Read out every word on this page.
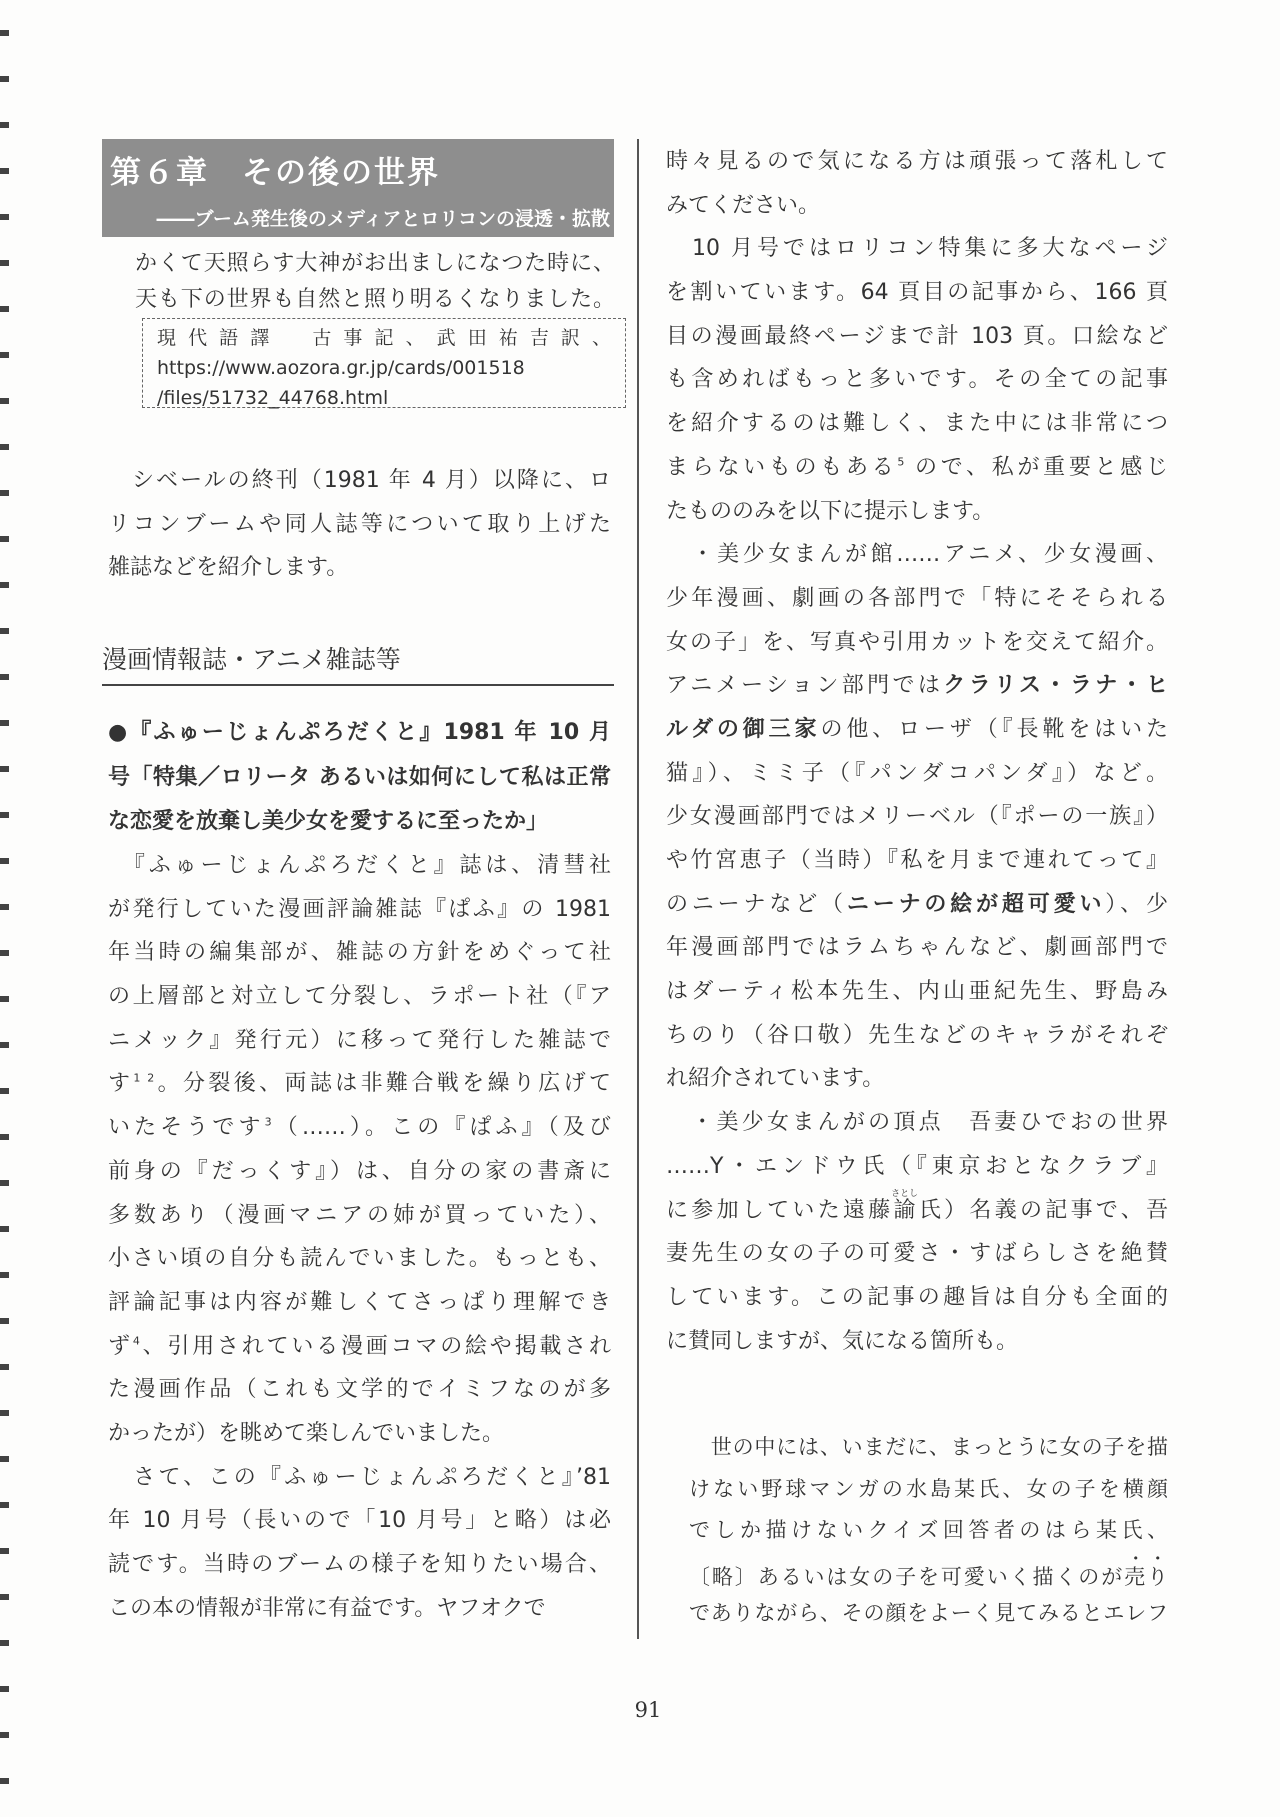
第６章　その後の世界
――ブーム発生後のメディアとロリコンの浸透・拡散
かくて天照らす大神がお出ましになつた時に、
天も下の世界も自然と照り明るくなりました。
現代語譯　古事記、武田祐吉訳、
https://www.aozora.gr.jp/cards/001518
/files/51732_44768.html
　シベールの終刊（1981 年 4 月）以降に、ロ
リコンブームや同人誌等について取り上げた
雑誌などを紹介します。
漫画情報誌・アニメ雑誌等
●『ふゅーじょんぷろだくと』1981 年 10 月
号「特集／ロリータ あるいは如何にして私は正常
な恋愛を放棄し美少女を愛するに至ったか」
　『ふゅーじょんぷろだくと』誌は、清彗社
が発行していた漫画評論雑誌『ぱふ』の 1981
年当時の編集部が、雑誌の方針をめぐって社
の上層部と対立して分裂し、ラポート社（『ア
ニメック』発行元）に移って発行した雑誌で
す$^{1 2}$。分裂後、両誌は非難合戦を繰り広げて
いたそうです$^3$（……）。この『ぱふ』（及び
前身の『だっくす』）は、自分の家の書斎に
多数あり（漫画マニアの姉が買っていた）、
小さい頃の自分も読んでいました。もっとも、
評論記事は内容が難しくてさっぱり理解でき
ず$^4$、引用されている漫画コマの絵や掲載され
た漫画作品（これも文学的でイミフなのが多
かったが）を眺めて楽しんでいました。
　さて、この『ふゅーじょんぷろだくと』’81
年 10 月号（長いので「10 月号」と略）は必
読です。当時のブームの様子を知りたい場合、
この本の情報が非常に有益です。ヤフオクで　
時々見るので気になる方は頑張って落札して
みてください。
　10 月号ではロリコン特集に多大なページ
を割いています。64 頁目の記事から、166 頁
目の漫画最終ページまで計 103 頁。口絵など
も含めればもっと多いです。その全ての記事
を紹介するのは難しく、また中には非常につ
まらないものもある$^5$ ので、私が重要と感じ
たもののみを以下に提示します。
　・美少女まんが館……アニメ、少女漫画、
少年漫画、劇画の各部門で「特にそそられる
女の子」を、写真や引用カットを交えて紹介。
アニメーション部門ではクラリス・ラナ・ヒ
ルダの御三家の他、ローザ（『長靴をはいた
猫』）、ミミ子（『パンダコパンダ』）など。
少女漫画部門ではメリーベル（『ポーの一族』）
や竹宮恵子（当時）『私を月まで連れてって』
のニーナなど（ニーナの絵が超可愛い）、少
年漫画部門ではラムちゃんなど、劇画部門で
はダーティ松本先生、内山亜紀先生、野島み
ちのり（谷口敬）先生などのキャラがそれぞ
れ紹介されています。
　・美少女まんがの頂点　吾妻ひでおの世界
……Y・エンドウ氏（『東京おとなクラブ』
に参加していた遠藤諭さとし氏）名義の記事で、吾
妻先生の女の子の可愛さ・すばらしさを絶賛
しています。この記事の趣旨は自分も全面的
に賛同しますが、気になる箇所も。
　世の中には、いまだに、まっとうに女の子を描
けない野球マンガの水島某氏、女の子を横顔
でしか描けないクイズ回答者のはら某氏、
〔略〕あるいは女の子を可愛いく描くのが売り
でありながら、その顔をよーく見てみるとエレフ
91
